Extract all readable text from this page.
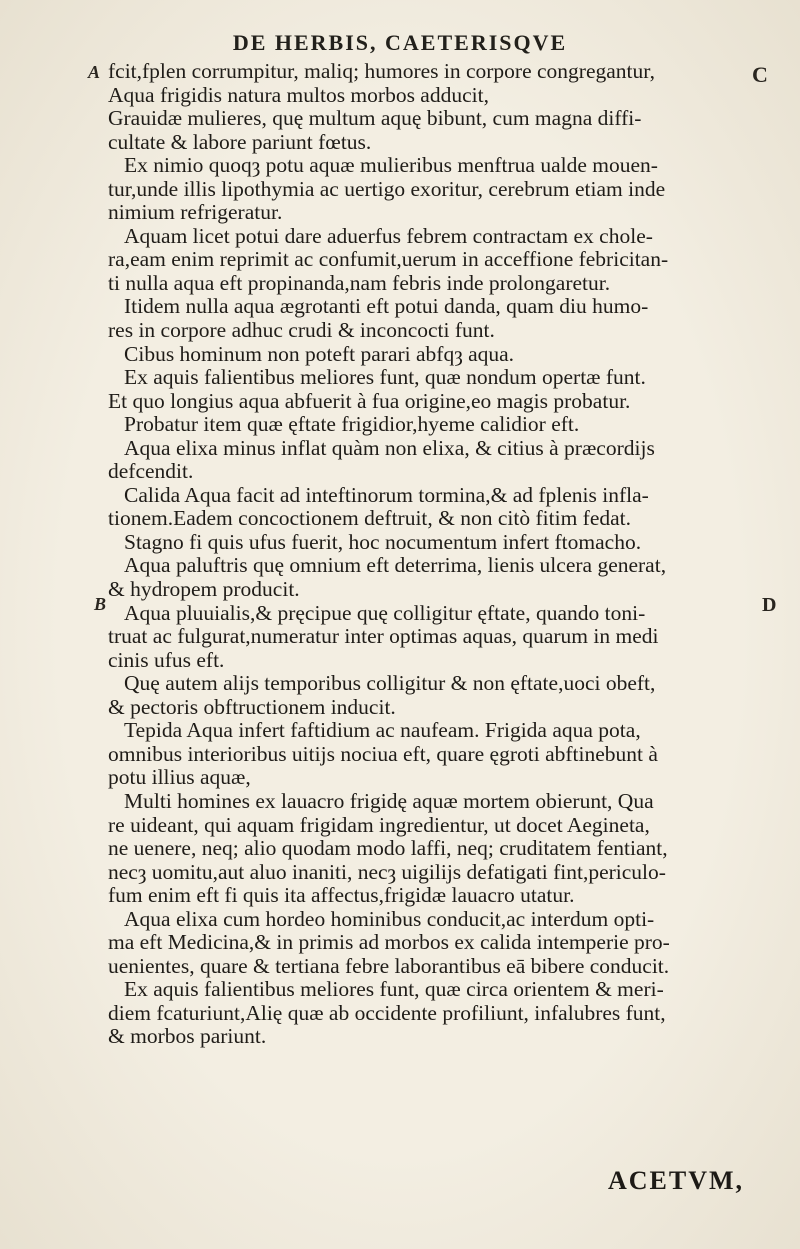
DE HERBIS, CAETERISQVE
A	C
B	D
fcit,fplen corrumpitur, maliq; humores in corpore congregantur,
Aqua frigidis natura multos morbos adducit,
Grauidæ mulieres, quę multum aquę bibunt, cum magna diffi-
cultate & labore pariunt fœtus.
Ex nimio quoqȝ potu aquæ mulieribus menftrua ualde mouen-
tur,unde illis lipothymia ac uertigo exoritur, cerebrum etiam inde
nimium refrigeratur.
Aquam licet potui dare aduerfus febrem contractam ex chole-
ra,eam enim reprimit ac confumit,uerum in acceffione febricitan-
ti nulla aqua eft propinanda,nam febris inde prolongaretur.
Itidem nulla aqua ægrotanti eft potui danda, quam diu humo-
res in corpore adhuc crudi & inconcocti funt.
Cibus hominum non poteft parari abfqȝ aqua.
Ex aquis falientibus meliores funt, quæ nondum opertæ funt.
Et quo longius aqua abfuerit à fua origine,eo magis probatur.
Probatur item quæ ęftate frigidior,hyeme calidior eft.
Aqua elixa minus inflat quàm non elixa, & citius à præcordijs
defcendit.
Calida Aqua facit ad inteftinorum tormina,& ad fplenis infla-
tionem.Eadem concoctionem deftruit, & non citò fitim fedat.
Stagno fi quis ufus fuerit, hoc nocumentum infert ftomacho.
Aqua paluftris quę omnium eft deterrima, lienis ulcera generat,
& hydropem producit.
Aqua pluuialis,& pręcipue quę colligitur ęftate, quando toni-
truat ac fulgurat,numeratur inter optimas aquas, quarum in medi
cinis ufus eft.
Quę autem alijs temporibus colligitur & non ęftate,uoci obeft,
& pectoris obftructionem inducit.
Tepida Aqua infert faftidium ac naufeam. Frigida aqua pota,
omnibus interioribus uitijs nociua eft, quare ęgroti abftinebunt à
potu illius aquæ,
Multi homines ex lauacro frigidę aquæ mortem obierunt, Qua
re uideant, qui aquam frigidam ingredientur, ut docet Aegineta,
ne uenere, neq; alio quodam modo laffi, neq; cruditatem fentiant,
necȝ uomitu,aut aluo inaniti, necȝ uigilijs defatigati fint,periculo-
fum enim eft fi quis ita affectus,frigidæ lauacro utatur.
Aqua elixa cum hordeo hominibus conducit,ac interdum opti-
ma eft Medicina,& in primis ad morbos ex calida intemperie pro-
uenientes, quare & tertiana febre laborantibus eā bibere conducit.
Ex aquis falientibus meliores funt, quæ circa orientem & meri-
diem fcaturiunt,Alię quæ ab occidente profiliunt, infalubres funt,
& morbos pariunt.
ACETVM,
